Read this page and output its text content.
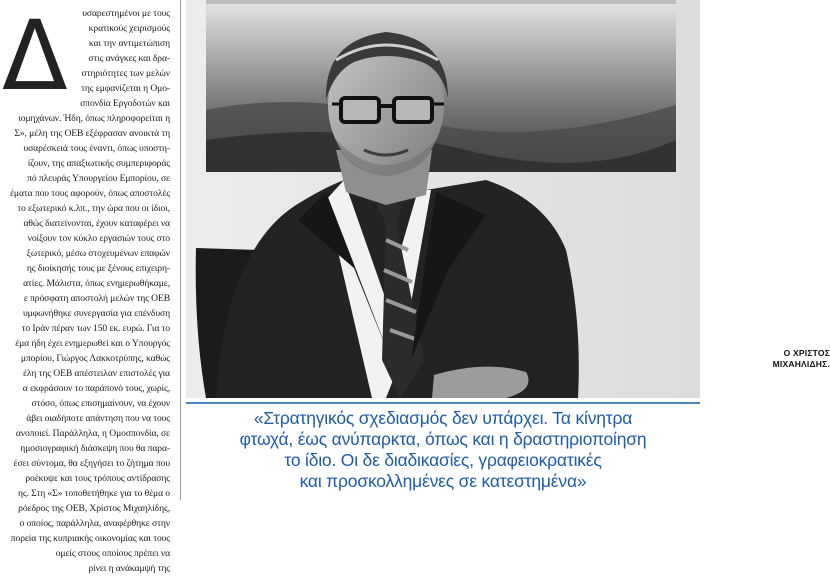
Δ υσαρεστημένοι με τους
κρατικούς χειρισμούς
και την αντιμετώπιση
στις ανάγκες και δρα-
στηριότητες των μελών
της εμφανίζεται η Ομο-
σπονδία Εργοδοτών και
ιομηχάνων. Ήδη, όπως πληροφορείται η
Σ», μέλη της ΟΕΒ εξέφρασαν ανοικτά τη
υσαρέσκειά τους έναντι, όπως υποστη-
ίζουν, της απαξιωτικής συμπεριφοράς
πό πλευράς Υπουργείου Εμπορίου, σε
έματα που τους αφορούν, όπως αποστολές
το εξωτερικό κ.λπ., την ώρα που οι ίδιοι,
αθώς διατείνονται, έχουν καταφέρει να
νοίξουν τον κύκλο εργασιών τους στο
ξωτερικό, μέσω στοχευμένων επαφών
ης διοίκησής τους με ξένους επιχειρη-
ατίες. Μάλιστα, όπως ενημερωθήκαμε,
ε πρόσφατη αποστολή μελών της ΟΕΒ
υμφωνήθηκε συνεργασία για επένδυση
το Ιράν πέραν των 150 εκ. ευρώ. Για το
έμα ήδη έχει ενημερωθεί και ο Υπουργός
μπορίου, Γιώργος Λακκοτρύπης, καθώς
έλη της ΟΕΒ απέστειλαν επιστολές για
α εκφράσουν το παράπονό τους, χωρίς,
στόσο, όπως επισημαίνουν, να έχουν
άβει οιαδήποτε απάντηση που να τους
ανοποιεί. Παράλληλα, η Ομοσπονδία, σε
ημοσιογραφική διάσκεψη που θα παρα-
έσει σύντομα, θα εξηγήσει το ζήτημα που
ροέκυψε και τους τρόπους αντίδρασης
ης. Στη «Σ» τοποθετήθηκε για το θέμα ο
ρόεδρος της ΟΕΒ, Χρίστος Μιχαηλίδης,
ο οποίος, παράλληλα, αναφέρθηκε στην
πορεία της κυπριακής οικονομίας και τους
ομείς στους οποίους πρέπει να
ρίνει η ανάκαμψή της
Ο ΧΡΙΣΤΟΣ
ΜΙΧΑΗΛΙΔΗΣ.
«Στρατηγικός σχεδιασμός δεν υπάρχει. Τα κίνητρα
φτωχά, έως ανύπαρκτα, όπως και η δραστηριοποίηση
το ίδιο. Οι δε διαδικασίες, γραφειοκρατικές
και προσκολλημένες σε κατεστημένα»
